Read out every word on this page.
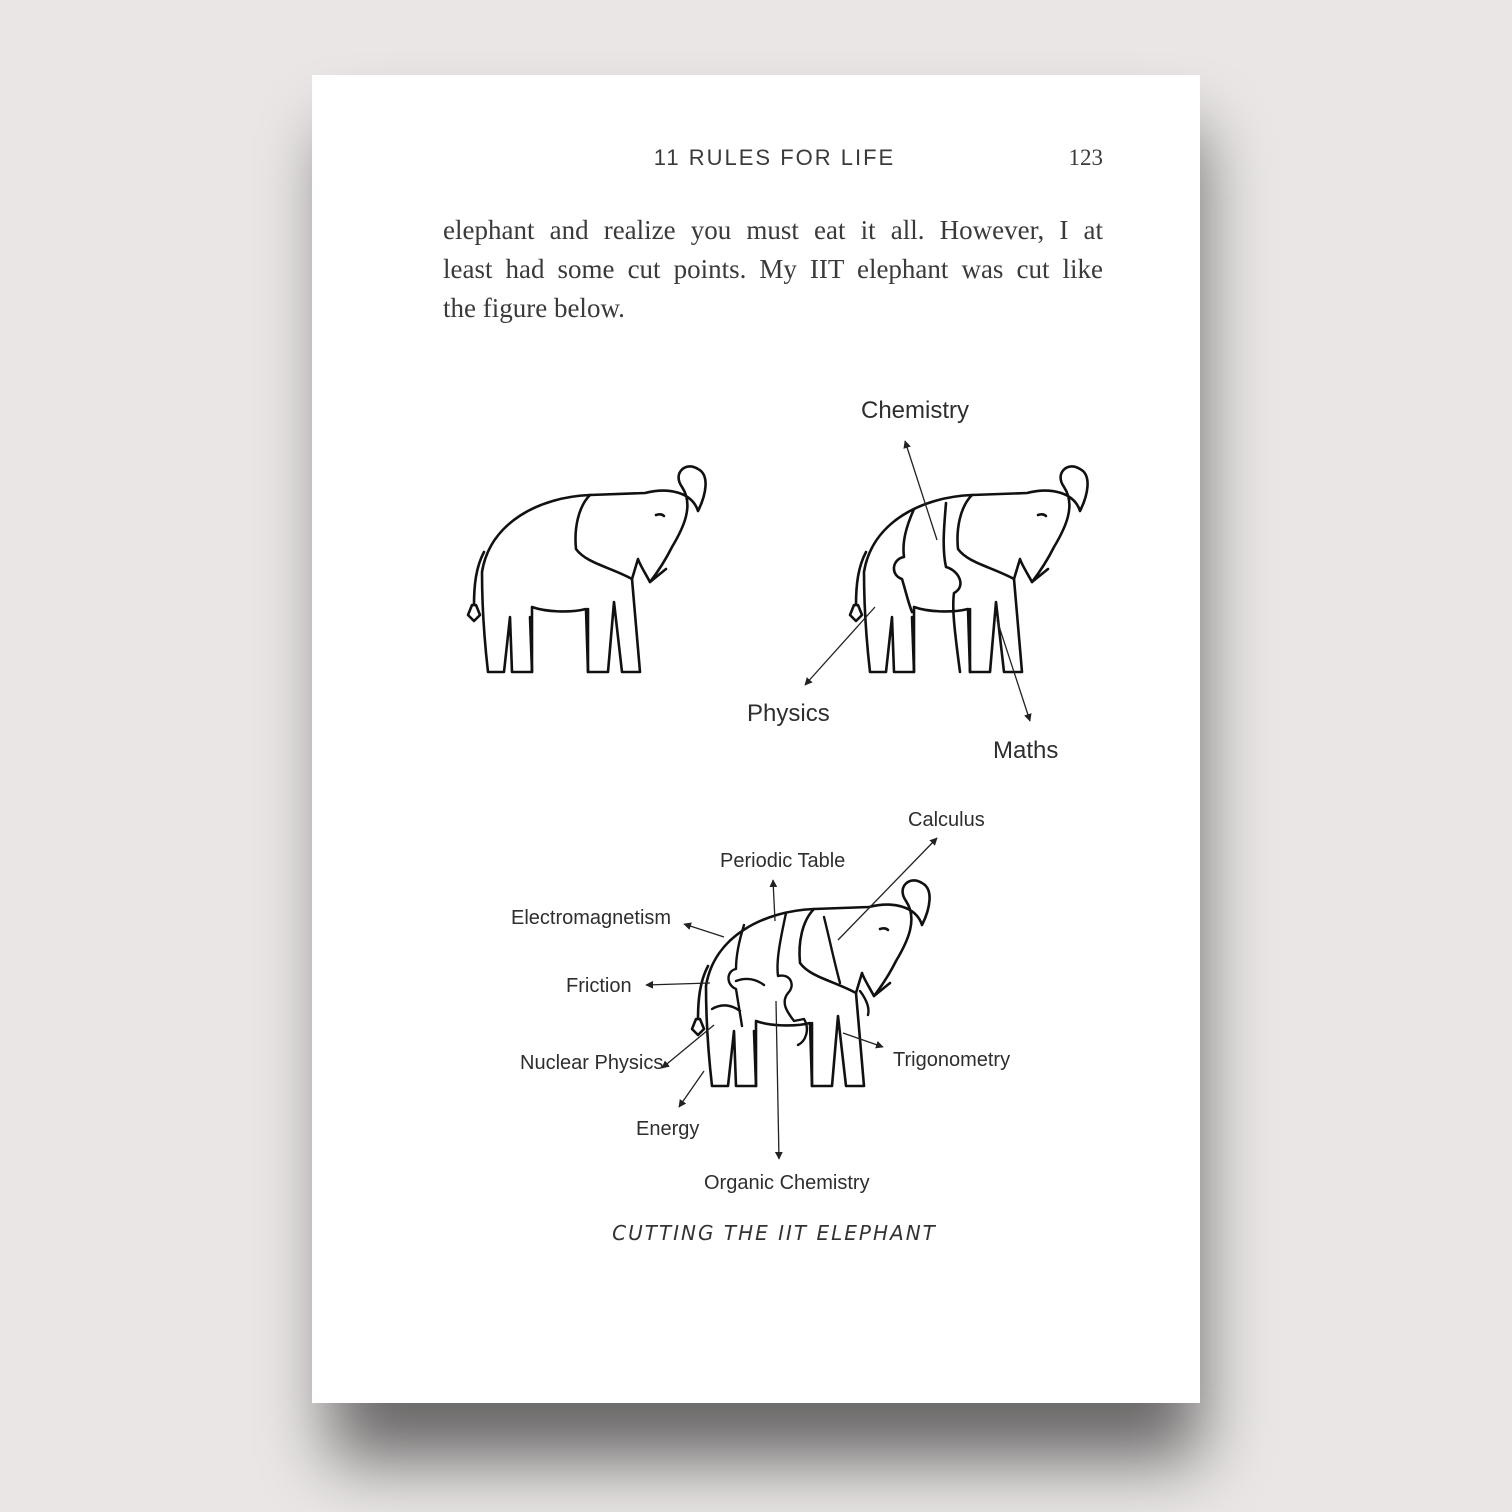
11 RULES FOR LIFE	123
elephant and realize you must eat it all. However, I at
least had some cut points. My IIT elephant was cut like
the figure below.
Chemistry
Physics
Maths
Calculus
Periodic Table
Electromagnetism
Friction
Nuclear Physics	Trigonometry
Energy
Organic Chemistry
CUTTING THE IIT ELEPHANT
